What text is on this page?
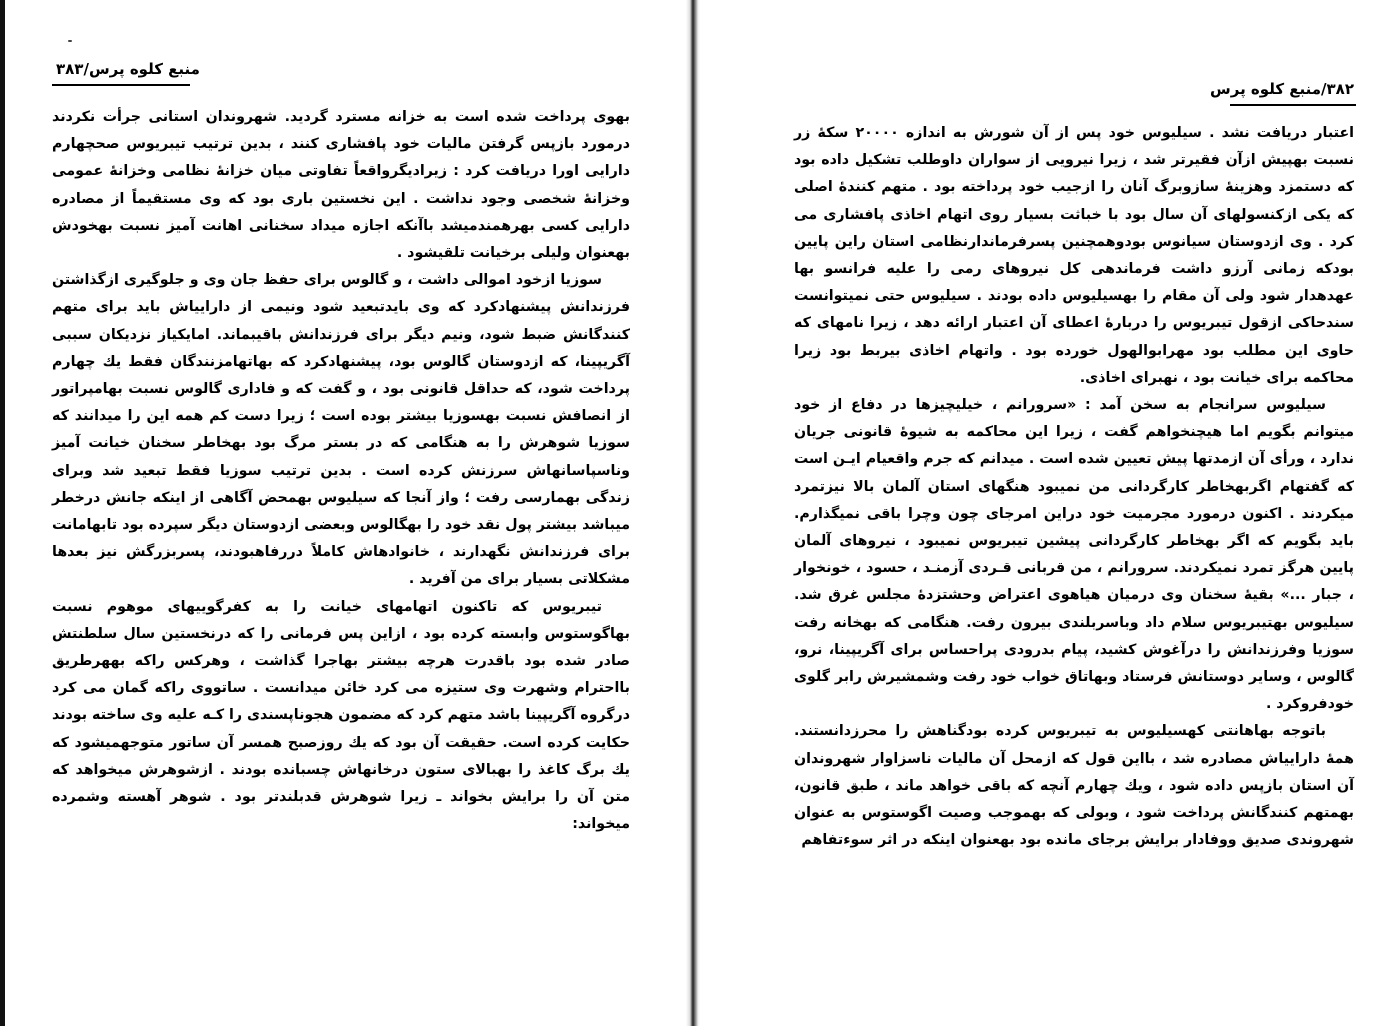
منبع کلوه پرس/۳۸۳

بهوی پرداخت شده است به خزانه مسترد گردید. شهروندان استانی جرأت نکردند درمورد بازپس گرفتن مالیات خود پافشاری کنند ، بدین ترتیب تیبریوس صحچهارم دارایی اورا دریافت کرد : زیرادیگرواقعاً تفاوتی میان خزانهٔ نظامی وخزانهٔ عمومی وخزانهٔ شخصی وجود نداشت . این نخستین باری بود که وی مستقیماً از مصادره دارایی کسی بهرهمندمیشد باآنکه اجازه میداد سخنانی اهانت آمیز نسبت بهخودش بهعنوان ولیلی برخیانت تلقیشود .

سوزیا ازخود اموالی داشت ، و گالوس برای حفظ جان وی و جلوگیری ازگذاشتن فرزندانش پیشنهادکرد که وی بایدتبعید شود ونیمی از داراییاش باید برای متهم کنندگانش ضبط شود، ونیم دیگر برای فرزندانش باقیبماند. امایکیاز نزدیکان سببی آگریپینا، که ازدوستان گالوس بود، پیشنهادکرد که بهاتهامزنندگان فقط یك چهارم پرداخت شود، که حداقل قانونی بود ، و گفت که و فاداری گالوس نسبت بهامپراتور از انصافش نسبت بهسوزیا بیشتر بوده است ؛ زیرا دست کم همه این را میدانند که سوزیا شوهرش را به هنگامی که در بستر مرگ بود بهخاطر سخنان خیانت آمیز وناسپاسانهاش سرزنش کرده است . بدین ترتیب سوزیا فقط تبعید شد وبرای زندگی بهمارسی رفت ؛ واز آنجا که سیلیوس بهمحض آگاهی از اینکه جانش درخطر میباشد بیشتر پول نقد خود را بهگالوس وبعضی ازدوستان دیگر سپرده بود تابهامانت برای فرزندانش نگهدارند ، خانوادهاش کاملاً دررفاهبودند، پسربزرگش نیز بعدها مشکلاتی بسیار برای من آفرید .

تیبریوس که تاکنون اتهامهای خیانت را به کفرگوییهای موهوم نسبت بهاگوستوس وابسته کرده بود ، ازاین پس فرمانی را که درنخستین سال سلطنتش صادر شده بود باقدرت هرچه بیشتر بهاجرا گذاشت ، وهرکس راکه بههرطریق بااحترام وشهرت وی ستیزه می کرد خائن میدانست . ساتووی راکه گمان می کرد درگروه آگریپینا باشد متهم کرد که مضمون هجوناپسندی را کـه علیه وی ساخته بودند حکایت کرده است. حقیقت آن بود که یك روزصبح همسر آن ساتور متوجهمیشود که یك برگ کاغذ را بهبالای ستون درخانهاش چسبانده بودند . ازشوهرش میخواهد که متن آن را برایش بخواند ـ زیرا شوهرش قدبلندتر بود . شوهر آهسته وشمرده میخواند:

۳۸۲/منبع کلوه پرس

اعتبار دریافت نشد . سیلیوس خود پس از آن شورش به اندازه ۲۰۰۰۰ سکهٔ زر نسبت بهپیش ازآن فقیرتر شد ، زیرا نیرویی از سواران داوطلب تشکیل داده بود که دستمزد وهزینهٔ سازوبرگ آنان را ازجیب خود پرداخته بود . متهم کنندهٔ اصلی که یکی ازکنسولهای آن سال بود با خباثت بسیار روی اتهام اخاذی پافشاری می کرد . وی ازدوستان سیانوس بودوهمچنین پسرفرماندارنظامی استان راین پایین بودکه زمانی آرزو داشت فرماندهی کل نیروهای رمی را علیه فرانسو بها عهدهدار شود ولی آن مقام را بهسیلیوس داده بودند . سیلیوس حتی نمیتوانست سندحاکی ازقول تیبریوس را دربارهٔ اعطای آن اعتبار ارائه دهد ، زیرا نامهای که حاوی این مطلب بود مهرابوالهول خورده بود . واتهام اخاذی بیربط بود زیرا محاکمه برای خیانت بود ، نهبرای اخاذی.

سیلیوس سرانجام به سخن آمد : «سرورانم ، خیلیچیزها در دفاع از خود میتوانم بگویم اما هیچنخواهم گفت ، زیرا این محاکمه به شیوهٔ قانونی جریان ندارد ، ورأی آن ازمدتها پیش تعیین شده است . میدانم که جرم واقعیام ایـن است که گفتهام اگربهخاطر کارگردانی من نمیبود هنگهای استان آلمان بالا نیزتمرد میکردند . اکنون درمورد مجرمیت خود دراین امرجای چون وچرا باقی نمیگذارم. باید بگویم که اگر بهخاطر کارگردانی پیشین تیبریوس نمیبود ، نیروهای آلمان پایین هرگز تمرد نمیکردند. سرورانم ، من قربانی قـردی آزمنـد ، حسود ، خونخوار ، جبار ...» بقیهٔ سخنان وی درمیان هیاهوی اعتراض وحشتزدهٔ مجلس غرق شد. سیلیوس بهتیبریوس سلام داد وباسربلندی بیرون رفت. هنگامی که بهخانه رفت سوزیا وفرزندانش را درآغوش کشید، پیام بدرودی پراحساس برای آگریپینا، نرو، گالوس ، وسایر دوستانش فرستاد وبهاتاق خواب خود رفت وشمشیرش رابر گلوی خودفروکرد .

باتوجه بهاهانتی کهسیلیوس به تیبریوس کرده بودگناهش را محرزدانستند. همهٔ داراییاش مصادره شد ، بااین قول که ازمحل آن مالیات ناسزاوار شهروندان آن استان بازپس داده شود ، ویك چهارم آنچه که باقی خواهد ماند ، طبق قانون، بهمتهم کنندگانش پرداخت شود ، وبولی که بهموجب وصیت اگوستوس به عنوان شهروندی صدیق ووفادار برایش برجای مانده بود بهعنوان اینکه در اثر سوءتفاهم
